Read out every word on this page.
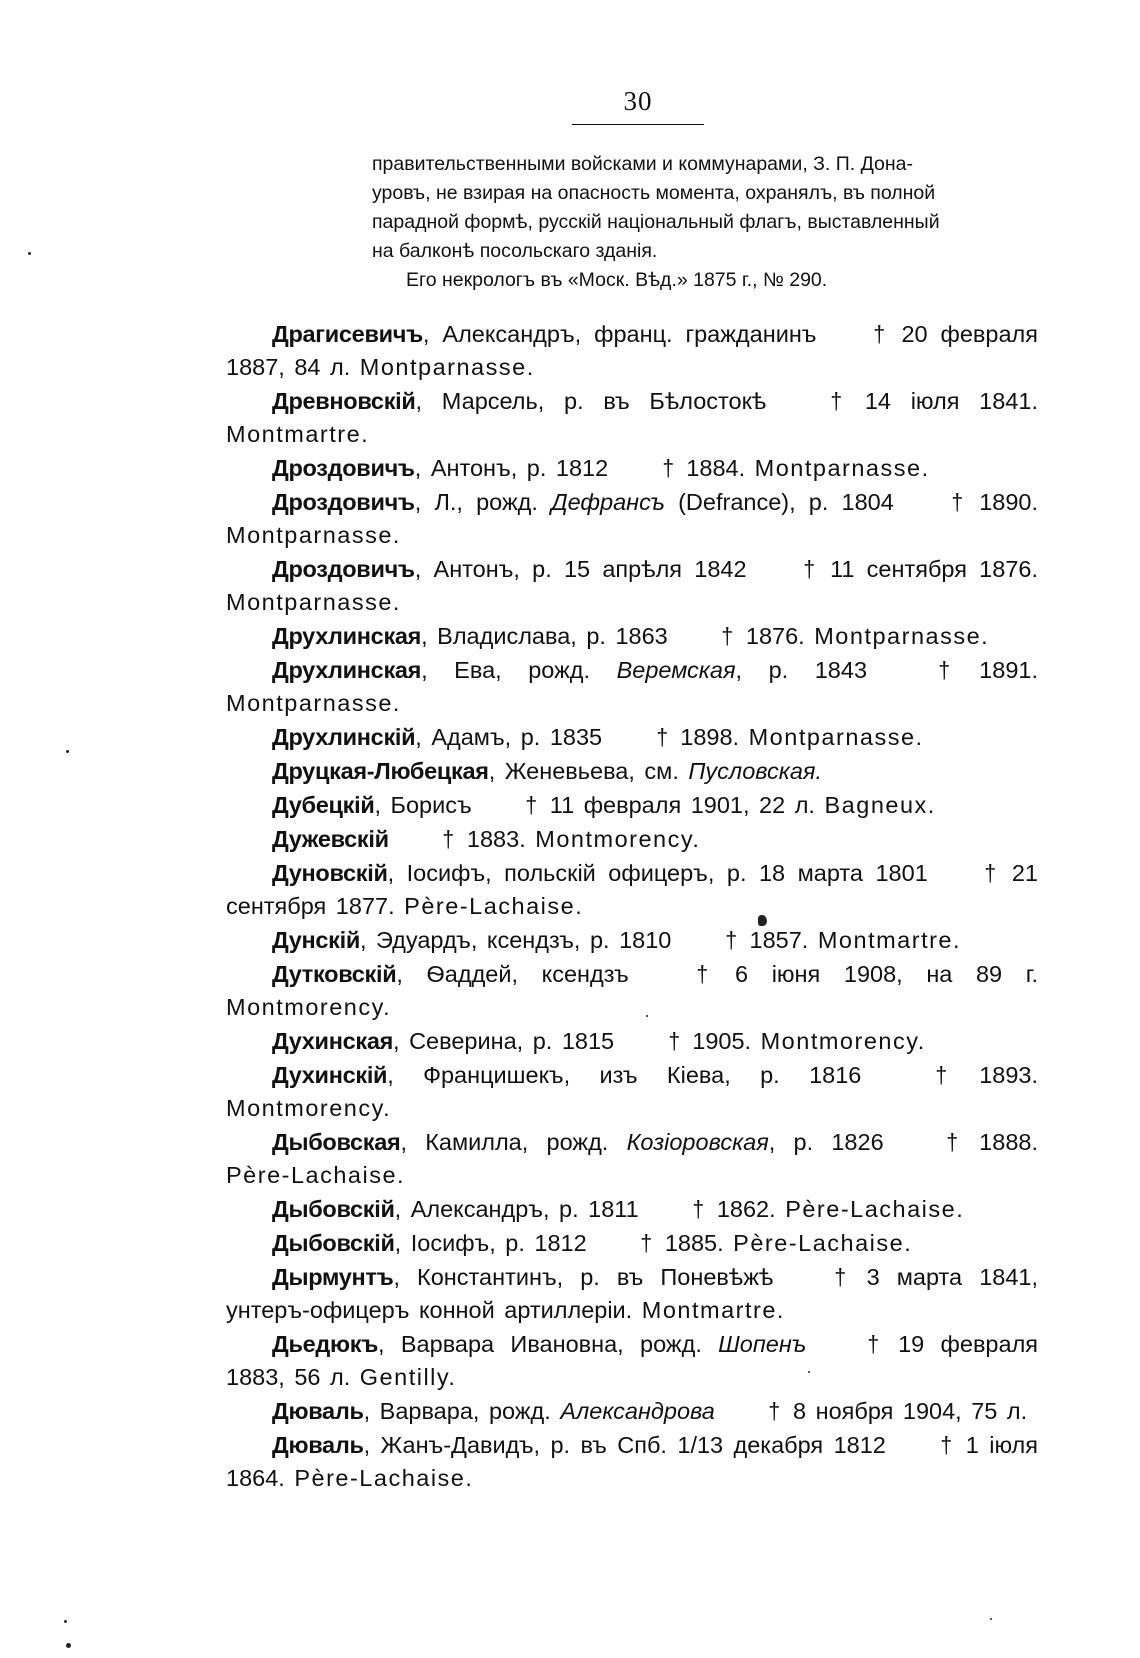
30
правительственными войсками и коммунарами, З. П. Дона-
уровъ, не взирая на опасность момента, охранялъ, въ полной
парадной формѣ, русскій національный флагъ, выставленный
на балконѣ посольскаго зданія.
Его некрологъ въ «Моск. Вѣд.» 1875 г., № 290.

Драгисевичъ, Александръ, франц. гражданинъ † 20 февраля 1887, 84 л. Montparnasse.

Древновскій, Марсель, р. въ Бѣлостокѣ † 14 іюля 1841. Montmartre.

Дроздовичъ, Антонъ, р. 1812 † 1884. Montparnasse.

Дроздовичъ, Л., рожд. Дефрансъ (Defrance), р. 1804 † 1890. Montparnasse.

Дроздовичъ, Антонъ, р. 15 апрѣля 1842 † 11 сентября 1876. Montparnasse.

Друхлинская, Владислава, р. 1863 † 1876. Montparnasse.

Друхлинская, Ева, рожд. Веремская, р. 1843 † 1891. Montparnasse.

Друхлинскій, Адамъ, р. 1835 † 1898. Montparnasse.

Друцкая-Любецкая, Женевьева, см. Пусловская.

Дубецкій, Борисъ † 11 февраля 1901, 22 л. Bagneux.

Дужевскій † 1883. Montmorency.

Дуновскій, Іосифъ, польскій офицеръ, р. 18 марта 1801 † 21 сентября 1877. Père-Lachaise.

Дунскій, Эдуардъ, ксендзъ, р. 1810 † 1857. Montmartre.

Дутковскій, Ѳаддей, ксендзъ † 6 іюня 1908, на 89 г. Montmorency.

Духинская, Северина, р. 1815 † 1905. Montmorency.

Духинскій, Францишекъ, изъ Кіева, р. 1816 † 1893. Montmorency.

Дыбовская, Камилла, рожд. Козіоровская, р. 1826 † 1888. Père-Lachaise.

Дыбовскій, Александръ, р. 1811 † 1862. Père-Lachaise.

Дыбовскій, Іосифъ, р. 1812 † 1885. Père-Lachaise.

Дырмунтъ, Константинъ, р. въ Поневѣжѣ † 3 марта 1841, унтеръ-офицеръ конной артиллеріи. Montmartre.

Дьедюкъ, Варвара Ивановна, рожд. Шопенъ	† 19 февраля 1883, 56 л. Gentilly.

Дюваль, Варвара, рожд. Александрова † 8 ноября 1904, 75 л.

Дюваль, Жанъ-Давидъ, р. въ Спб. 1/13 декабря 1812 † 1 іюля 1864. Père-Lachaise.
